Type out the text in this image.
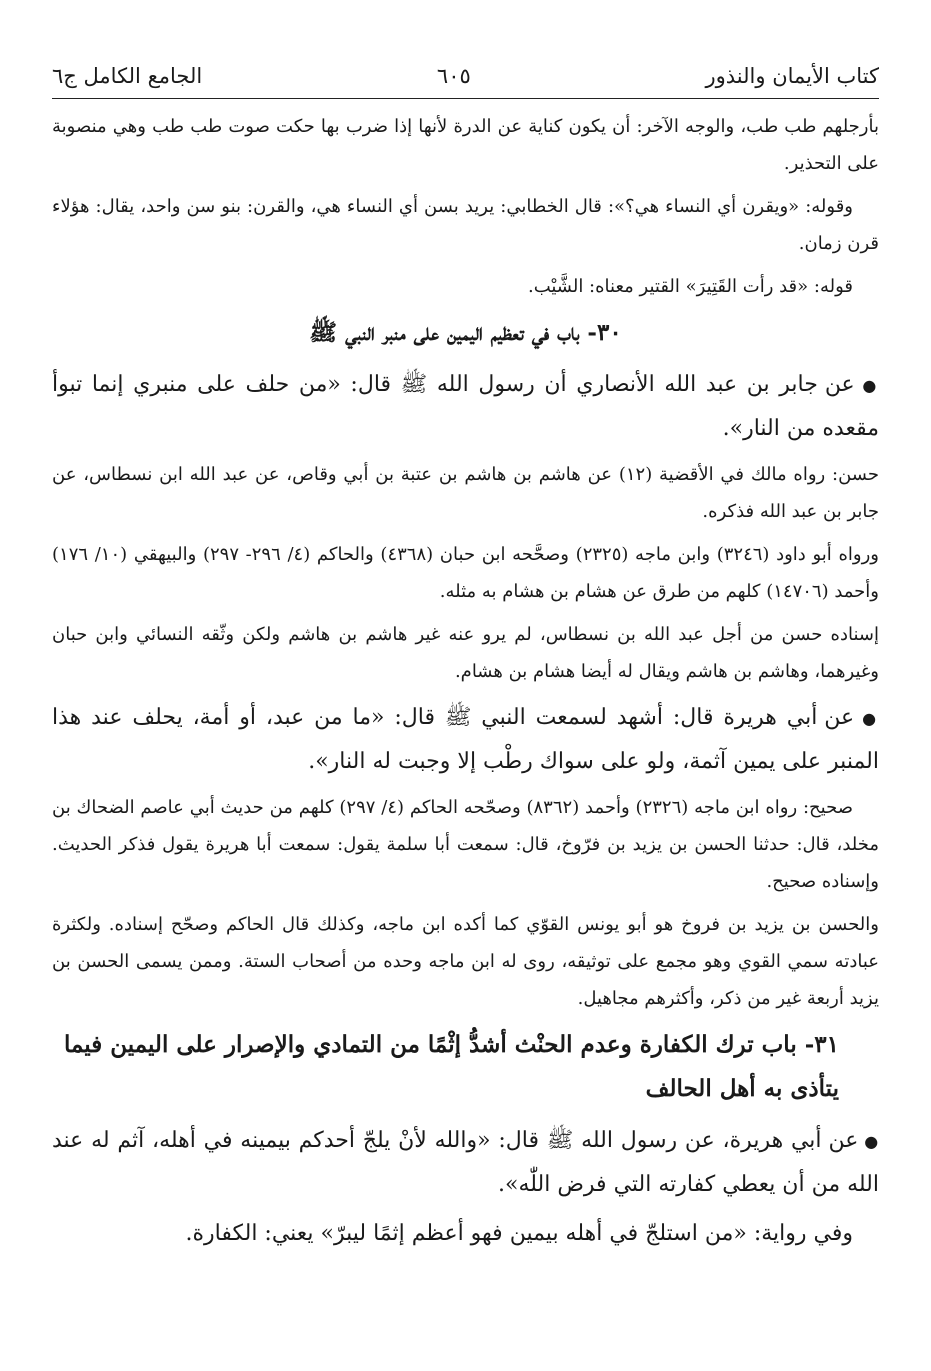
كتاب الأيمان والنذور
٦٠٥
الجامع الكامل ج٦

بأرجلهم طب طب، والوجه الآخر: أن يكون كناية عن الدرة لأنها إذا ضرب بها حكت صوت طب طب وهي منصوبة على التحذير.

وقوله: «ويقرن أي النساء هي؟»: قال الخطابي: يريد بسن أي النساء هي، والقرن: بنو سن واحد، يقال: هؤلاء قرن زمان.

قوله: «قد رأت القَتِيرَ» القتير معناه: الشَّيْب.

٣٠- باب في تعظيم اليمين على منبر النبي ﷺ

● عن جابر بن عبد الله الأنصاري أن رسول الله ﷺ قال: «من حلف على منبري إنما تبوأ مقعده من النار».

حسن: رواه مالك في الأقضية (١٢) عن هاشم بن هاشم بن عتبة بن أبي وقاص، عن عبد الله ابن نسطاس، عن جابر بن عبد الله فذكره.

ورواه أبو داود (٣٢٤٦) وابن ماجه (٢٣٢٥) وصحَّحه ابن حبان (٤٣٦٨) والحاكم (٤/ ٢٩٦- ٢٩٧) والبيهقي (١٠/ ١٧٦) وأحمد (١٤٧٠٦) كلهم من طرق عن هشام بن هشام به مثله.

إسناده حسن من أجل عبد الله بن نسطاس، لم يرو عنه غير هاشم بن هاشم ولكن وثّقه النسائي وابن حبان وغيرهما، وهاشم بن هاشم ويقال له أيضا هشام بن هشام.

● عن أبي هريرة قال: أشهد لسمعت النبي ﷺ قال: «ما من عبد، أو أمة، يحلف عند هذا المنبر على يمين آثمة، ولو على سواك رطْب إلا وجبت له النار».

صحيح: رواه ابن ماجه (٢٣٢٦) وأحمد (٨٣٦٢) وصحّحه الحاكم (٤/ ٢٩٧) كلهم من حديث أبي عاصم الضحاك بن مخلد، قال: حدثنا الحسن بن يزيد بن فرّوخ، قال: سمعت أبا سلمة يقول: سمعت أبا هريرة يقول فذكر الحديث. وإسناده صحيح.

والحسن بن يزيد بن فروخ هو أبو يونس القوّي كما أكده ابن ماجه، وكذلك قال الحاكم وصحّح إسناده. ولكثرة عبادته سمي القوي وهو مجمع على توثيقه، روى له ابن ماجه وحده من أصحاب الستة. وممن يسمى الحسن بن يزيد أربعة غير من ذكر، وأكثرهم مجاهيل.

٣١- باب ترك الكفارة وعدم الحنْث أشدُّ إثْمًا من التمادي والإصرار على اليمين فيما يتأذى به أهل الحالف

● عن أبي هريرة، عن رسول الله ﷺ قال: «والله لأنْ يلجّ أحدكم بيمينه في أهله، آثم له عند الله من أن يعطي كفارته التي فرض اللّٰه».

وفي رواية: «من استلجّ في أهله بيمين فهو أعظم إثمًا ليبرّ» يعني: الكفارة.
